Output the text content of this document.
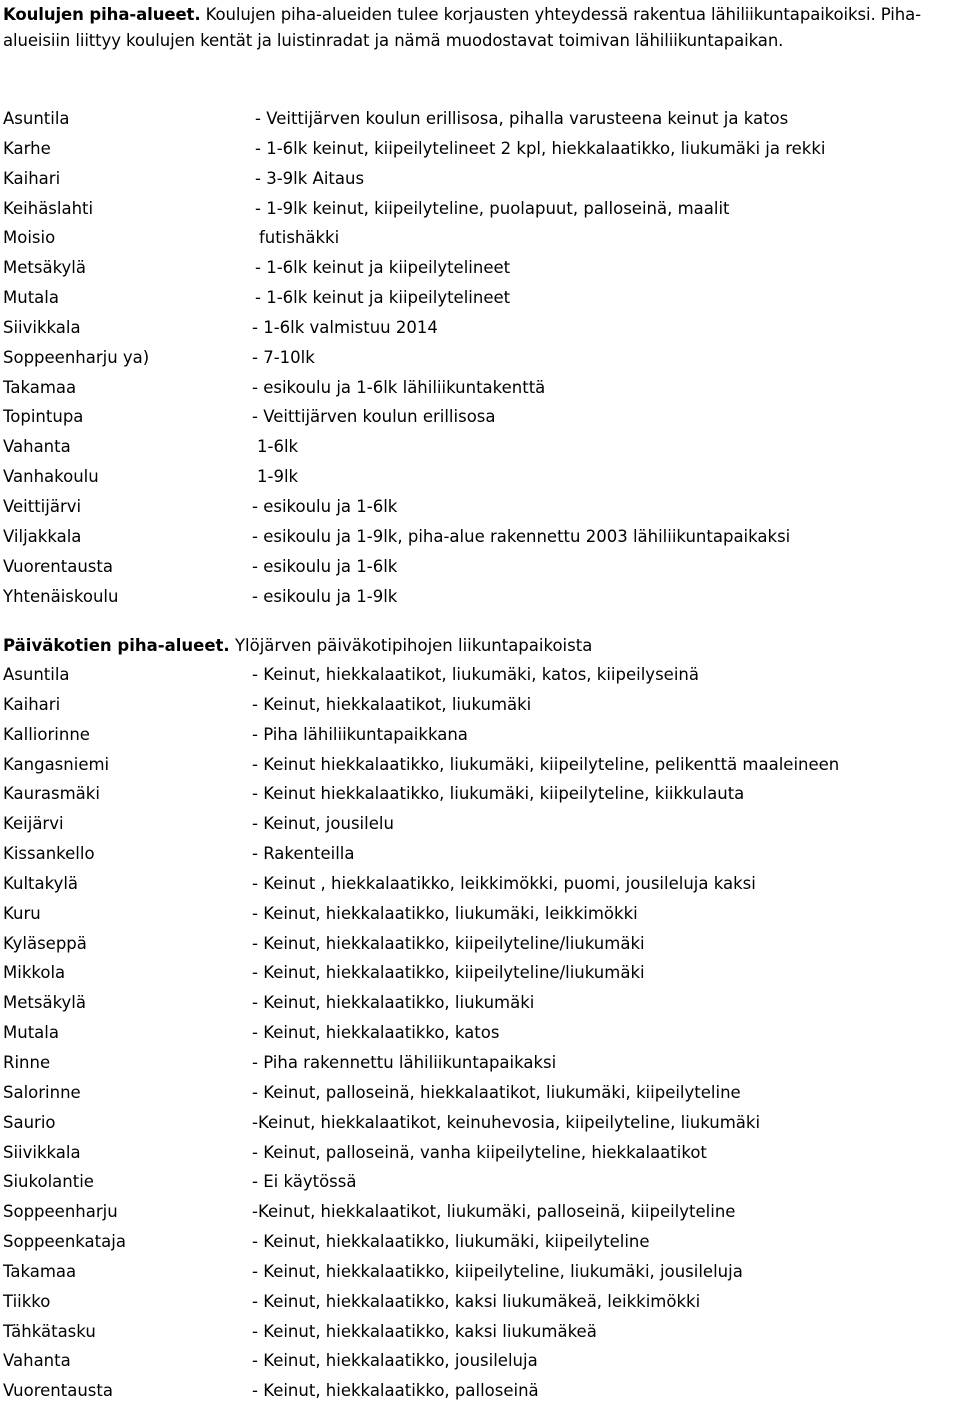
Koulujen piha-alueet. Koulujen piha-alueiden tulee korjausten yhteydessä rakentua lähiliikuntapaikoiksi. Piha-alueisiin liittyy koulujen kentät ja luistinradat ja nämä muodostavat toimivan lähiliikuntapaikan.
Asuntila	- Veittijärven koulun erillisosa, pihalla varusteena keinut ja katos
Karhe	- 1-6lk keinut, kiipeilytelineet 2 kpl, hiekkalaatikko, liukumäki ja rekki
Kaihari	- 3-9lk Aitaus
Keihäslahti	- 1-9lk keinut, kiipeilyteline, puolapuut, palloseinä, maalit
Moisio	futishäkki
Metsäkylä	- 1-6lk keinut ja kiipeilytelineet
Mutala	- 1-6lk keinut ja kiipeilytelineet
Siivikkala	- 1-6lk valmistuu 2014
Soppeenharju ya)	- 7-10lk
Takamaa	- esikoulu ja 1-6lk lähiliikuntakenttä
Topintupa	- Veittijärven koulun erillisosa
Vahanta	1-6lk
Vanhakoulu	1-9lk
Veittijärvi	- esikoulu ja 1-6lk
Viljakkala	- esikoulu ja 1-9lk, piha-alue rakennettu 2003 lähiliikuntapaikaksi
Vuorentausta	- esikoulu ja 1-6lk
Yhtenäiskoulu	- esikoulu ja 1-9lk
Päiväkotien piha-alueet. Ylöjärven päiväkotipihojen liikuntapaikoista
Asuntila	- Keinut, hiekkalaatikot, liukumäki, katos, kiipeilyseinä
Kaihari	- Keinut, hiekkalaatikot, liukumäki
Kalliorinne	- Piha lähiliikuntapaikkana
Kangasniemi	- Keinut hiekkalaatikko, liukumäki, kiipeilyteline, pelikenttä maaleineen
Kaurasmäki	- Keinut hiekkalaatikko, liukumäki, kiipeilyteline, kiikkulauta
Keijärvi	- Keinut, jousilelu
Kissankello	- Rakenteilla
Kultakylä	- Keinut , hiekkalaatikko, leikkimökki, puomi, jousileluja kaksi
Kuru	- Keinut, hiekkalaatikko, liukumäki, leikkimökki
Kyläseppä	- Keinut, hiekkalaatikko, kiipeilyteline/liukumäki
Mikkola	- Keinut, hiekkalaatikko, kiipeilyteline/liukumäki
Metsäkylä	- Keinut, hiekkalaatikko, liukumäki
Mutala	- Keinut, hiekkalaatikko, katos
Rinne	- Piha rakennettu lähiliikuntapaikaksi
Salorinne	- Keinut, palloseinä, hiekkalaatikot, liukumäki, kiipeilyteline
Saurio	-Keinut, hiekkalaatikot, keinuhevosia, kiipeilyteline, liukumäki
Siivikkala	- Keinut, palloseinä, vanha kiipeilyteline, hiekkalaatikot
Siukolantie	- Ei käytössä
Soppeenharju	-Keinut, hiekkalaatikot, liukumäki, palloseinä, kiipeilyteline
Soppeenkataja	- Keinut, hiekkalaatikko, liukumäki, kiipeilyteline
Takamaa	- Keinut, hiekkalaatikko, kiipeilyteline, liukumäki, jousileluja
Tiikko	- Keinut, hiekkalaatikko, kaksi liukumäkeä, leikkimökki
Tähkätasku	- Keinut, hiekkalaatikko, kaksi liukumäkeä
Vahanta	- Keinut, hiekkalaatikko, jousileluja
Vuorentausta	- Keinut, hiekkalaatikko, palloseinä
